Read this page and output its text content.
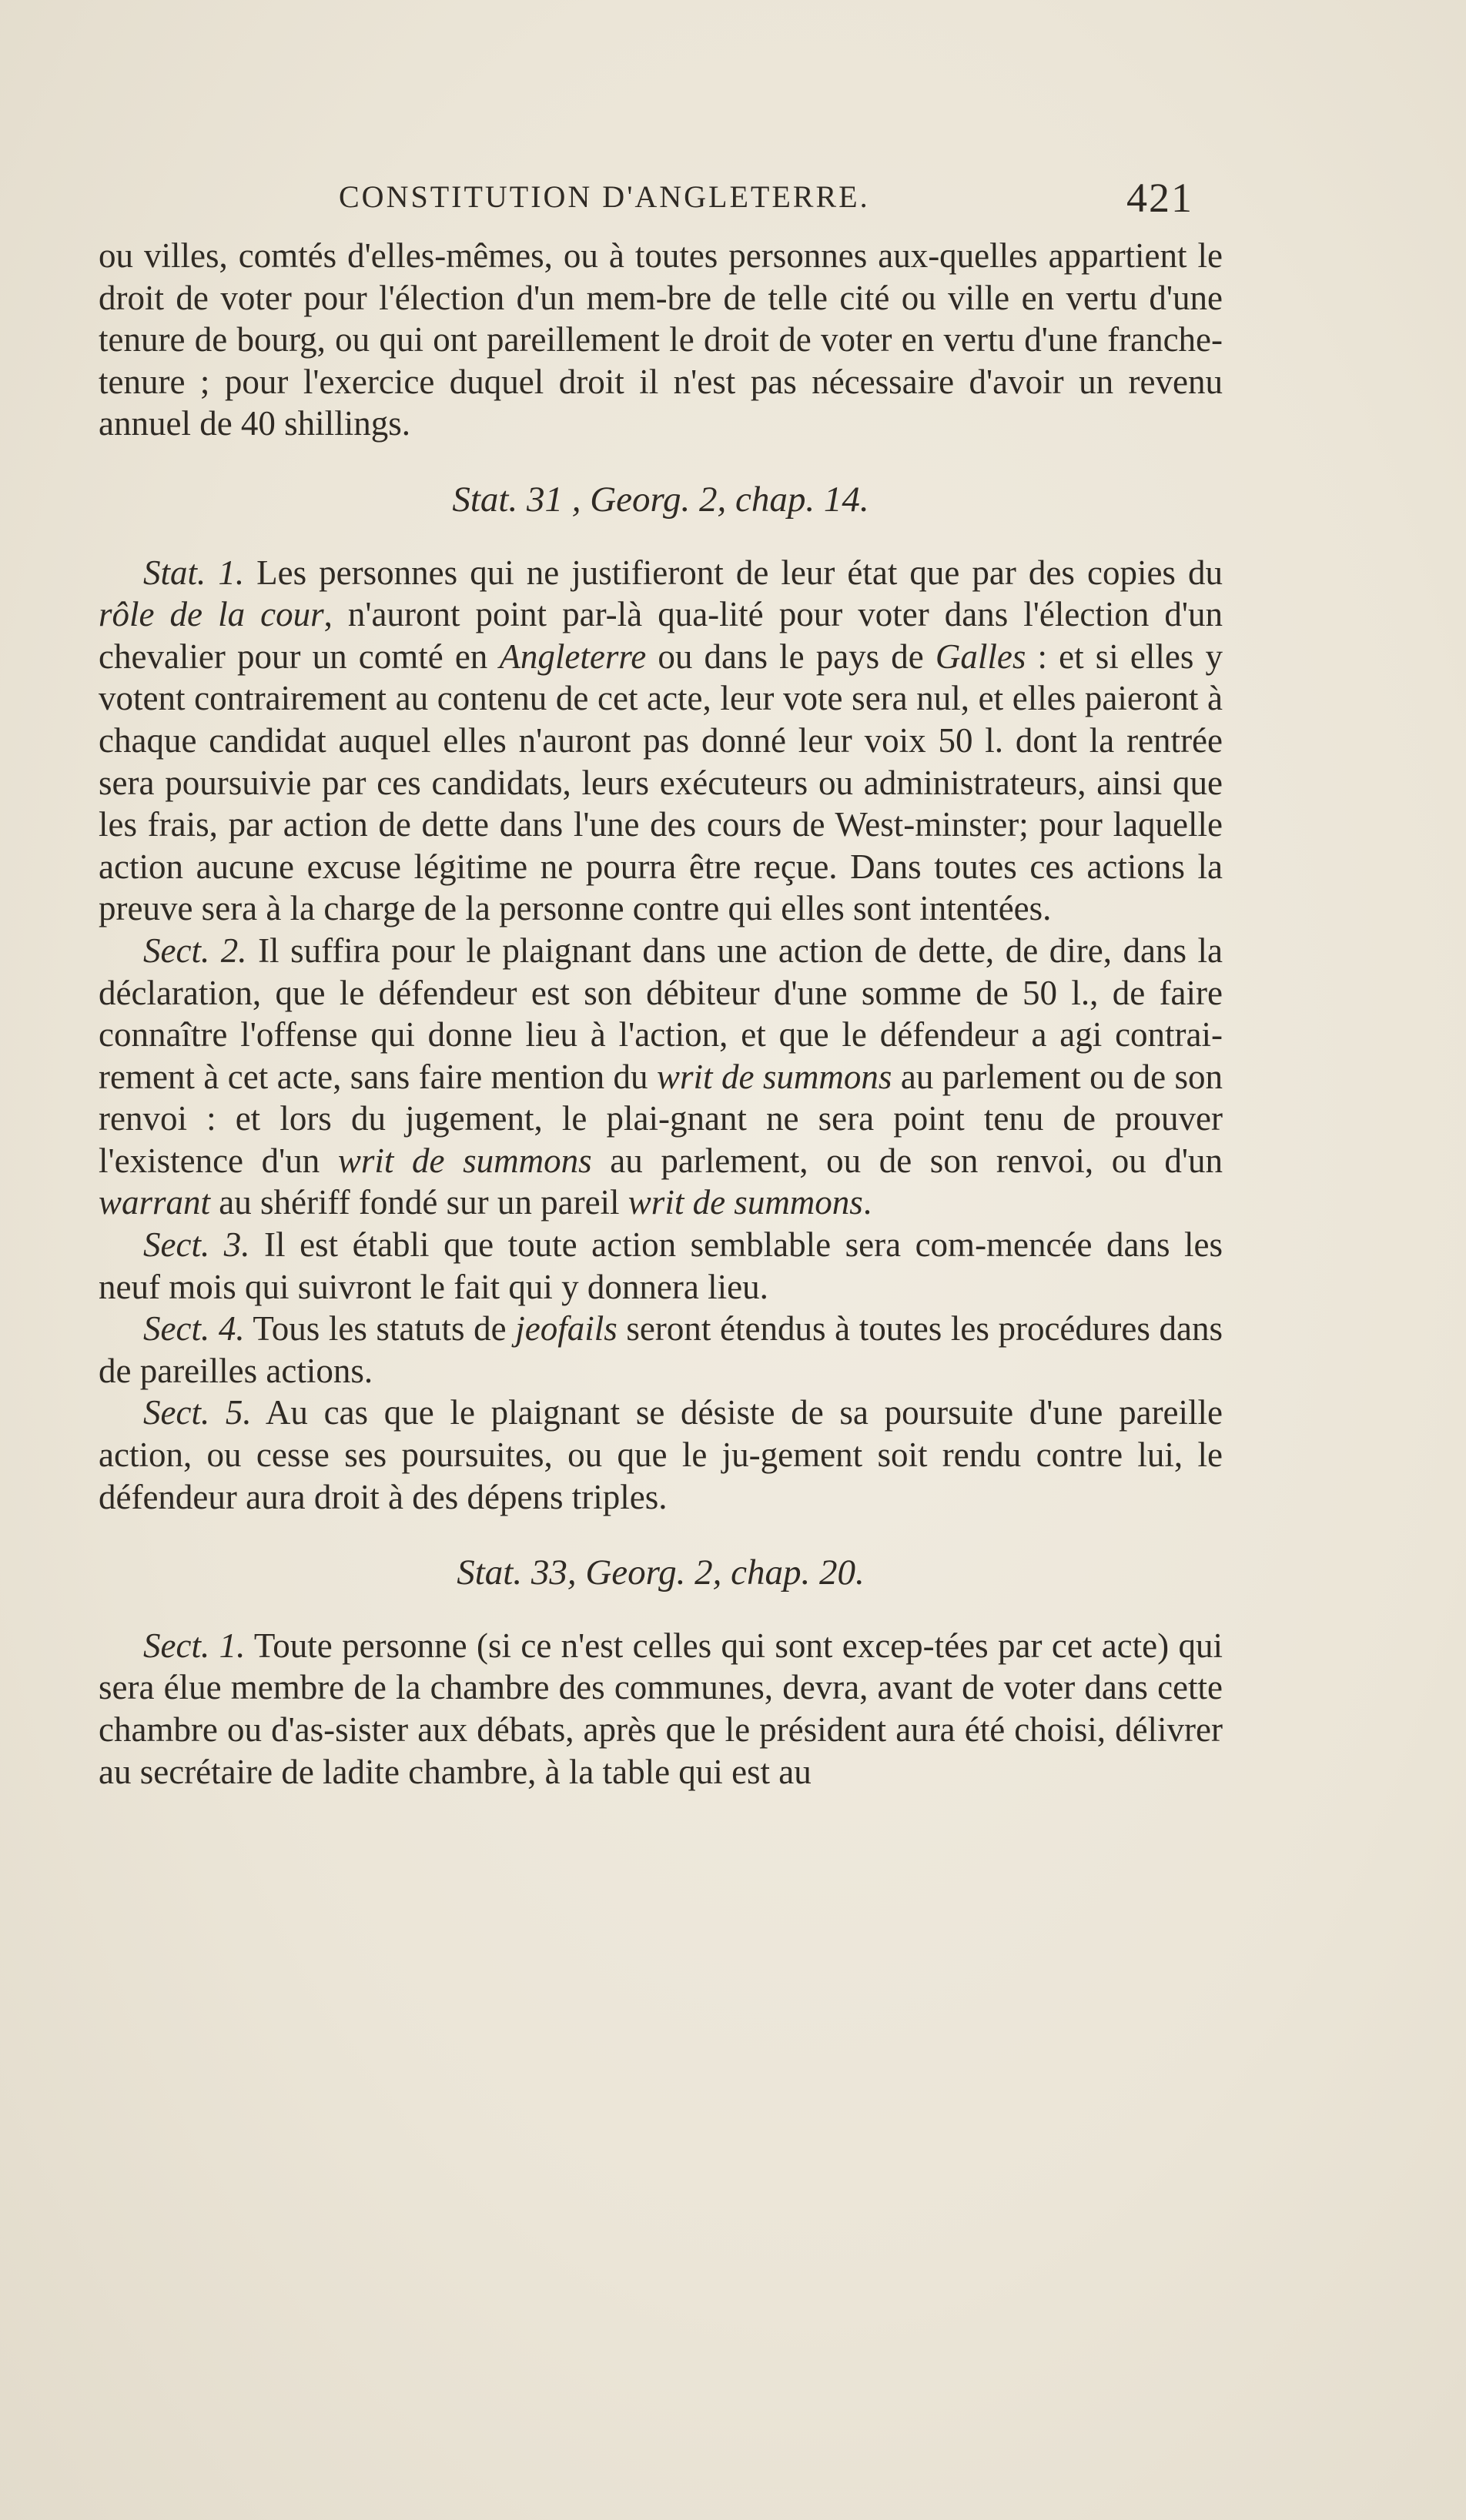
CONSTITUTION D'ANGLETERRE.	421

ou villes, comtés d'elles-mêmes, ou à toutes personnes aux-quelles appartient le droit de voter pour l'élection d'un mem-bre de telle cité ou ville en vertu d'une tenure de bourg, ou qui ont pareillement le droit de voter en vertu d'une franche-tenure ; pour l'exercice duquel droit il n'est pas nécessaire d'avoir un revenu annuel de 40 shillings.

Stat. 31 , Georg. 2, chap. 14.

Stat. 1. Les personnes qui ne justifieront de leur état que par des copies du rôle de la cour, n'auront point par-là qua-lité pour voter dans l'élection d'un chevalier pour un comté en Angleterre ou dans le pays de Galles : et si elles y votent contrairement au contenu de cet acte, leur vote sera nul, et elles paieront à chaque candidat auquel elles n'auront pas donné leur voix 50 l. dont la rentrée sera poursuivie par ces candidats, leurs exécuteurs ou administrateurs, ainsi que les frais, par action de dette dans l'une des cours de West-minster; pour laquelle action aucune excuse légitime ne pourra être reçue. Dans toutes ces actions la preuve sera à la charge de la personne contre qui elles sont intentées.

Sect. 2. Il suffira pour le plaignant dans une action de dette, de dire, dans la déclaration, que le défendeur est son débiteur d'une somme de 50 l., de faire connaître l'offense qui donne lieu à l'action, et que le défendeur a agi contrai-rement à cet acte, sans faire mention du writ de summons au parlement ou de son renvoi : et lors du jugement, le plai-gnant ne sera point tenu de prouver l'existence d'un writ de summons au parlement, ou de son renvoi, ou d'un warrant au shériff fondé sur un pareil writ de summons.

Sect. 3. Il est établi que toute action semblable sera com-mencée dans les neuf mois qui suivront le fait qui y donnera lieu.

Sect. 4. Tous les statuts de jeofails seront étendus à toutes les procédures dans de pareilles actions.

Sect. 5. Au cas que le plaignant se désiste de sa poursuite d'une pareille action, ou cesse ses poursuites, ou que le ju-gement soit rendu contre lui, le défendeur aura droit à des dépens triples.

Stat. 33, Georg. 2, chap. 20.

Sect. 1. Toute personne (si ce n'est celles qui sont excep-tées par cet acte) qui sera élue membre de la chambre des communes, devra, avant de voter dans cette chambre ou d'as-sister aux débats, après que le président aura été choisi, délivrer au secrétaire de ladite chambre, à la table qui est au
